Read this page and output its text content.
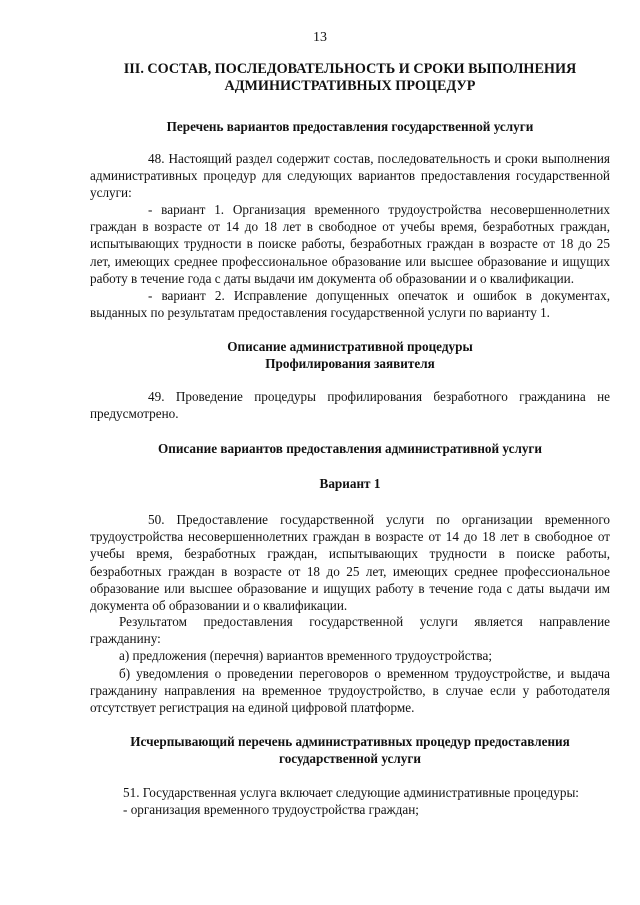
13
III. СОСТАВ, ПОСЛЕДОВАТЕЛЬНОСТЬ И СРОКИ ВЫПОЛНЕНИЯ
АДМИНИСТРАТИВНЫХ ПРОЦЕДУР
Перечень вариантов предоставления государственной услуги
48. Настоящий раздел содержит состав, последовательность и сроки выполнения административных процедур для следующих вариантов предоставления государственной услуги:
- вариант 1. Организация временного трудоустройства несовершеннолетних граждан в возрасте от 14 до 18 лет в свободное от учебы время, безработных граждан, испытывающих трудности в поиске работы, безработных граждан в возрасте от 18 до 25 лет, имеющих среднее профессиональное образование или высшее образование и ищущих работу в течение года с даты выдачи им документа об образовании и о квалификации.
- вариант 2. Исправление допущенных опечаток и ошибок в документах, выданных по результатам предоставления государственной услуги по варианту 1.
Описание административной процедуры
Профилирования заявителя
49. Проведение процедуры профилирования безработного гражданина не предусмотрено.
Описание вариантов предоставления административной услуги
Вариант 1
50. Предоставление государственной услуги по организации временного трудоустройства несовершеннолетних граждан в возрасте от 14 до 18 лет в свободное от учебы время, безработных граждан, испытывающих трудности в поиске работы, безработных граждан в возрасте от 18 до 25 лет, имеющих среднее профессиональное образование или высшее образование и ищущих работу в течение года с даты выдачи им документа об образовании и о квалификации.
Результатом предоставления государственной услуги является направление гражданину:
а) предложения (перечня) вариантов временного трудоустройства;
б) уведомления о проведении переговоров о временном трудоустройстве, и выдача гражданину направления на временное трудоустройство, в случае если у работодателя отсутствует регистрация на единой цифровой платформе.
Исчерпывающий перечень административных процедур предоставления
государственной услуги
51. Государственная услуга включает следующие административные процедуры:
- организация временного трудоустройства граждан;
